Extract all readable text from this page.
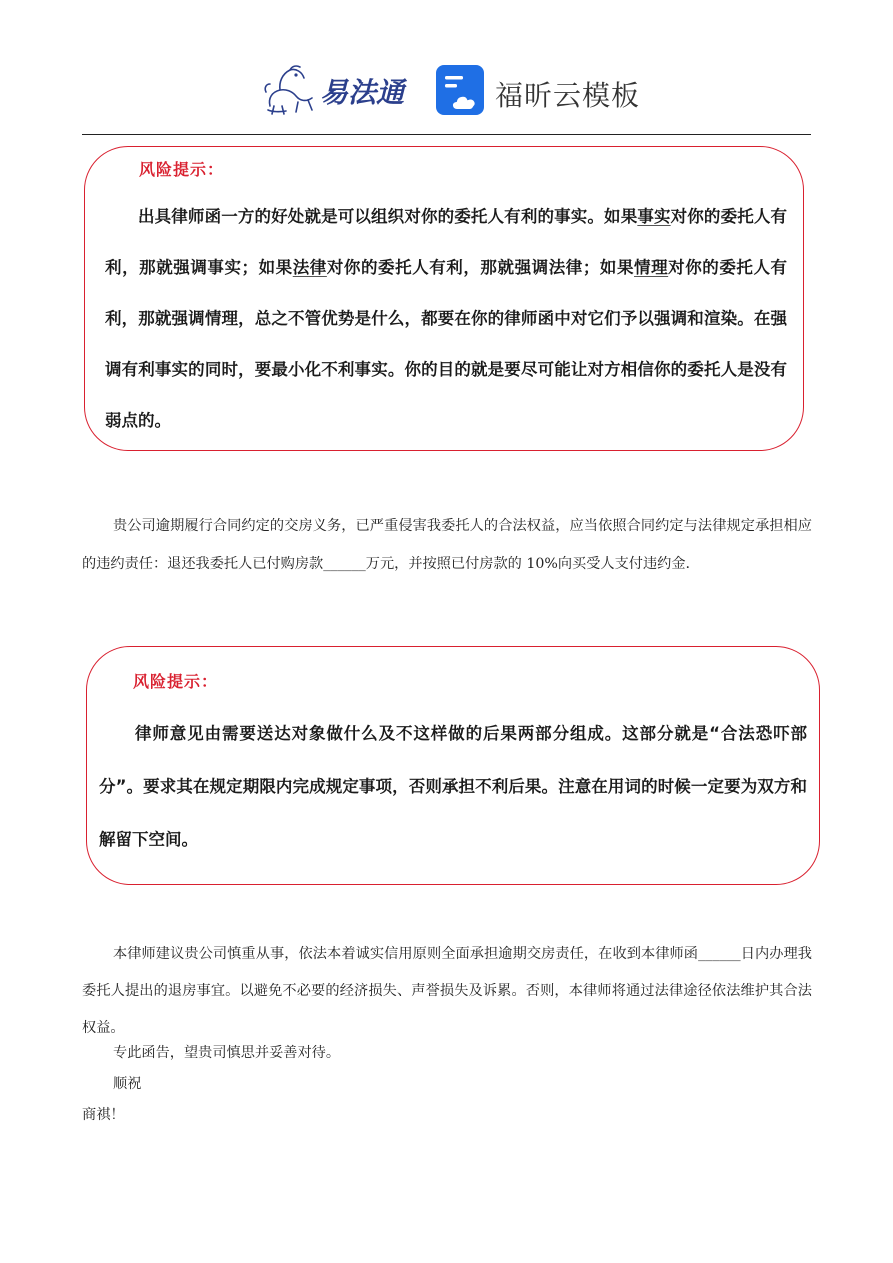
易法通	福昕云模板
风险提示：
出具律师函一方的好处就是可以组织对你的委托人有利的事实。如果事实对你的委托人有利，那就强调事实；如果法律对你的委托人有利，那就强调法律；如果情理对你的委托人有利，那就强调情理，总之不管优势是什么，都要在你的律师函中对它们予以强调和渲染。在强调有利事实的同时，要最小化不利事实。你的目的就是要尽可能让对方相信你的委托人是没有弱点的。
贵公司逾期履行合同约定的交房义务，已严重侵害我委托人的合法权益，应当依照合同约定与法律规定承担相应的违约责任：退还我委托人已付购房款______万元，并按照已付房款的 10%向买受人支付违约金.
风险提示：
律师意见由需要送达对象做什么及不这样做的后果两部分组成。这部分就是“合法恐吓部分”。要求其在规定期限内完成规定事项，否则承担不利后果。注意在用词的时候一定要为双方和解留下空间。
本律师建议贵公司慎重从事，依法本着诚实信用原则全面承担逾期交房责任，在收到本律师函______日内办理我委托人提出的退房事宜。以避免不必要的经济损失、声誉损失及诉累。否则，本律师将通过法律途径依法维护其合法权益。
专此函告，望贵司慎思并妥善对待。
顺祝
商祺！
